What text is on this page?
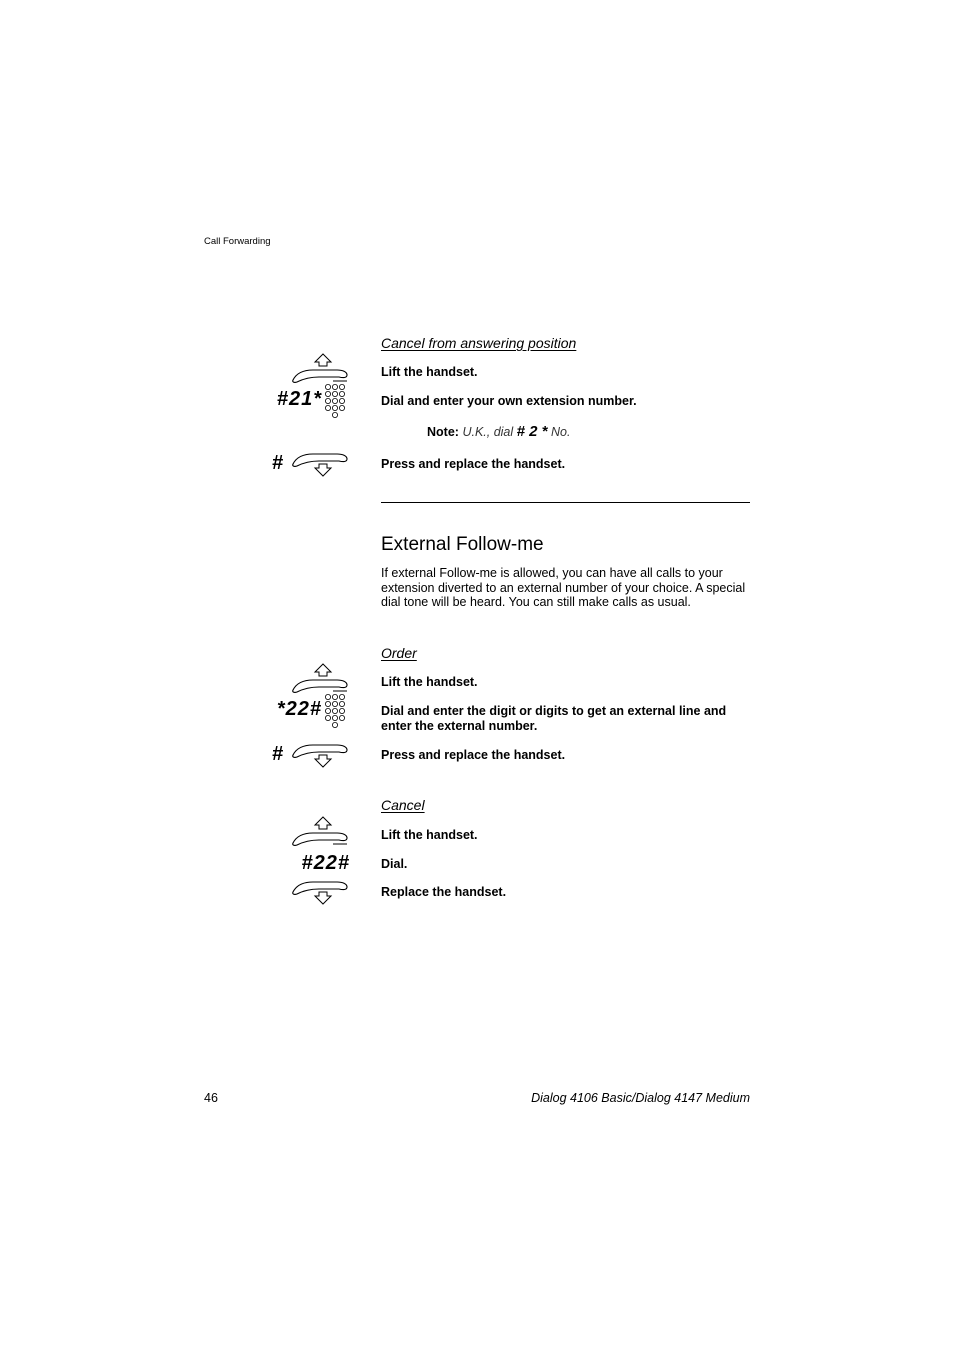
Call Forwarding
Cancel from answering position
Lift the handset.
#21*	Dial and enter your own extension number.
Note: U.K., dial # 2 * No.
#	Press and replace the handset.
External Follow-me
If external Follow-me is allowed, you can have all calls to your extension diverted to an external number of your choice. A special dial tone will be heard. You can still make calls as usual.
Order
Lift the handset.
*22#	Dial and enter the digit or digits to get an external line and enter the external number.
#	Press and replace the handset.
Cancel
Lift the handset.
#22# Dial.
Replace the handset.
46	Dialog 4106 Basic/Dialog 4147 Medium
